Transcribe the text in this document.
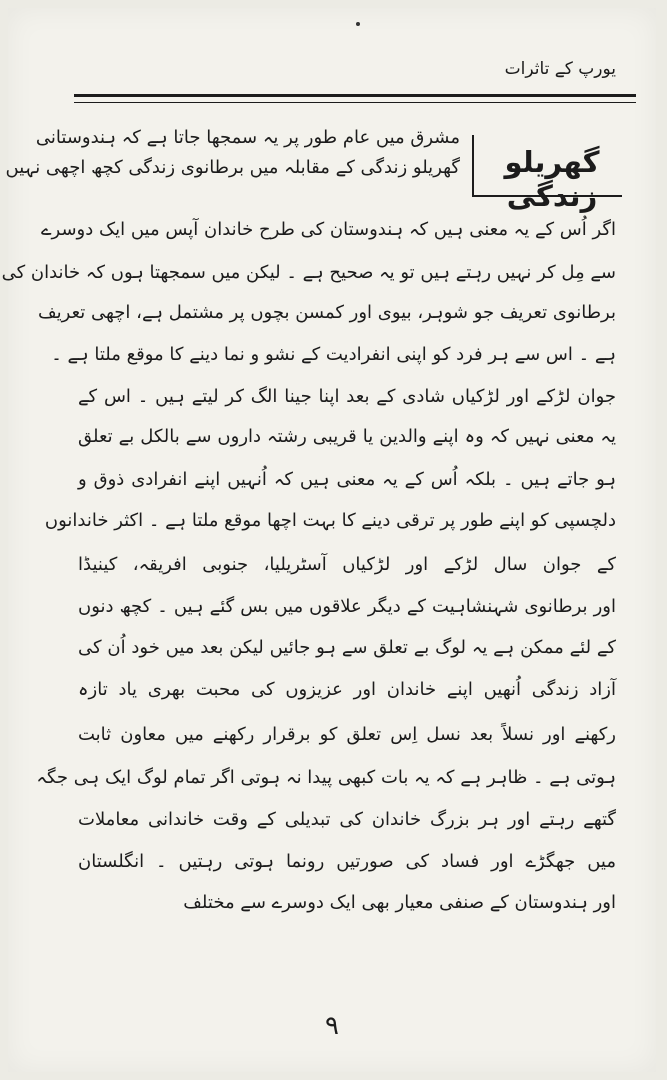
یورپ کے تاثرات
گھریلو زندگی
مشرق میں عام طور پر یہ سمجھا جاتا ہے کہ ہندوستانی
گھریلو زندگی کے مقابلہ میں برطانوی زندگی کچھ اچھی نہیں
اگر اُس کے یہ معنی ہیں کہ ہندوستان کی طرح خاندان آپس میں ایک دوسرے
سے مِل کر نہیں رہتے ہیں تو یہ صحیح ہے ۔ لیکن میں سمجھتا ہوں کہ خاندان کی
برطانوی تعریف جو شوہر، بیوی اور کمسن بچوں پر مشتمل ہے، اچھی تعریف
ہے ۔ اس سے ہر فرد کو اپنی انفرادیت کے نشو و نما دینے کا موقع ملتا ہے ۔
جوان لڑکے اور لڑکیاں شادی کے بعد اپنا جینا الگ کر لیتے ہیں ۔ اس کے
یہ معنی نہیں کہ وہ اپنے والدین یا قریبی رشتہ داروں سے بالکل بے تعلق
ہو جاتے ہیں ۔ بلکہ اُس کے یہ معنی ہیں کہ اُنہیں اپنے انفرادی ذوق و
دلچسپی کو اپنے طور پر ترقی دینے کا بہت اچھا موقع ملتا ہے ۔ اکثر خاندانوں
کے جوان سال لڑکے اور لڑکیاں آسٹریلیا، جنوبی افریقہ، کینیڈا
اور برطانوی شہنشاہیت کے دیگر علاقوں میں بس گئے ہیں ۔ کچھ دنوں
کے لئے ممکن ہے یہ لوگ بے تعلق سے ہو جائیں لیکن بعد میں خود اُن کی
آزاد زندگی اُنھیں اپنے خاندان اور عزیزوں کی محبت بھری یاد تازہ
رکھنے اور نسلاً بعد نسل اِس تعلق کو برقرار رکھنے میں معاون ثابت
ہوتی ہے ۔ ظاہر ہے کہ یہ بات کبھی پیدا نہ ہوتی اگر تمام لوگ ایک ہی جگہ
گتھے رہتے اور ہر بزرگ خاندان کی تبدیلی کے وقت خاندانی معاملات
میں جھگڑے اور فساد کی صورتیں رونما ہوتی رہتیں ۔ انگلستان
اور ہندوستان کے صنفی معیار بھی ایک دوسرے سے مختلف
۹
